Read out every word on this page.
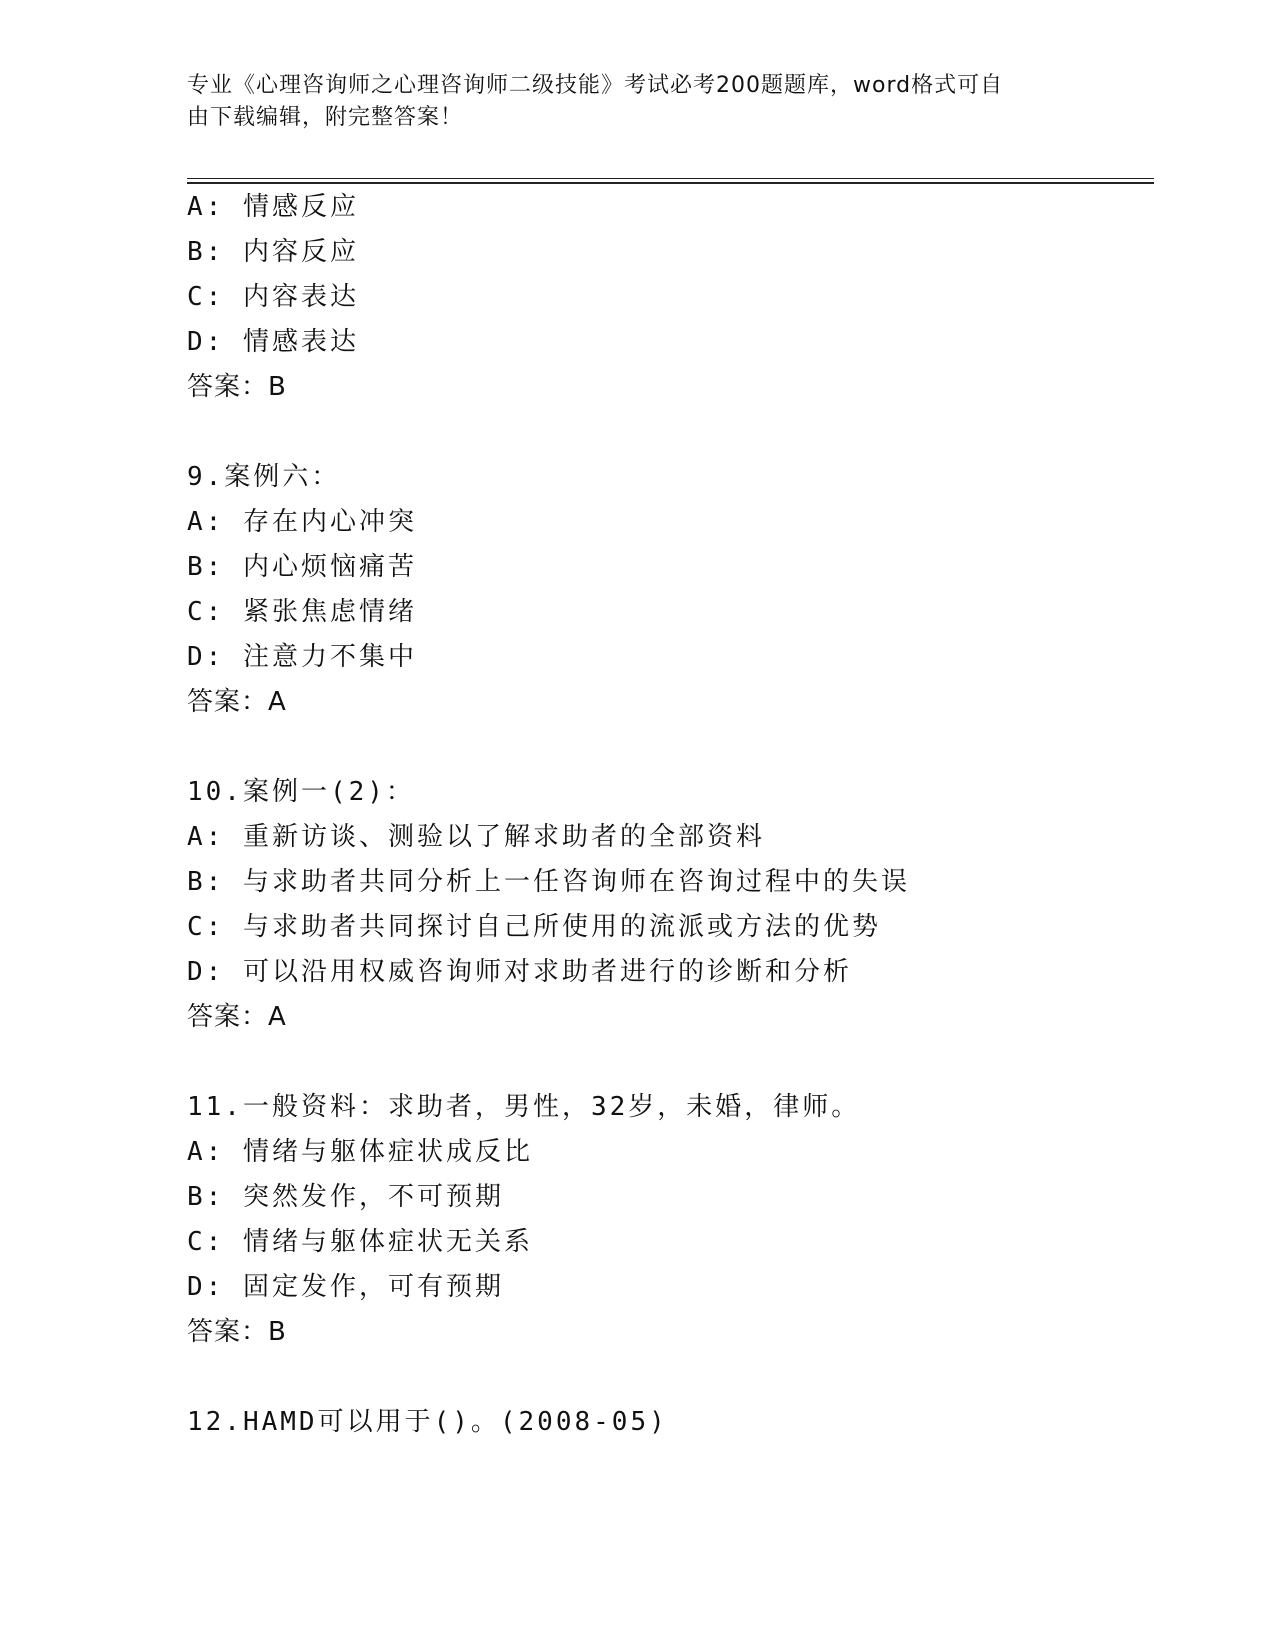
专业《心理咨询师之心理咨询师二级技能》考试必考200题题库，word格式可自
由下载编辑，附完整答案！
A: 情感反应
B: 内容反应
C: 内容表达
D: 情感表达
答案：B
9.案例六：
A: 存在内心冲突
B: 内心烦恼痛苦
C: 紧张焦虑情绪
D: 注意力不集中
答案：A
10.案例一(2)：
A: 重新访谈、测验以了解求助者的全部资料
B: 与求助者共同分析上一任咨询师在咨询过程中的失误
C: 与求助者共同探讨自己所使用的流派或方法的优势
D: 可以沿用权威咨询师对求助者进行的诊断和分析
答案：A
11.一般资料：求助者，男性，32岁，未婚，律师。
A: 情绪与躯体症状成反比
B: 突然发作，不可预期
C: 情绪与躯体症状无关系
D: 固定发作，可有预期
答案：B
12.HAMD可以用于()。(2008-05)
